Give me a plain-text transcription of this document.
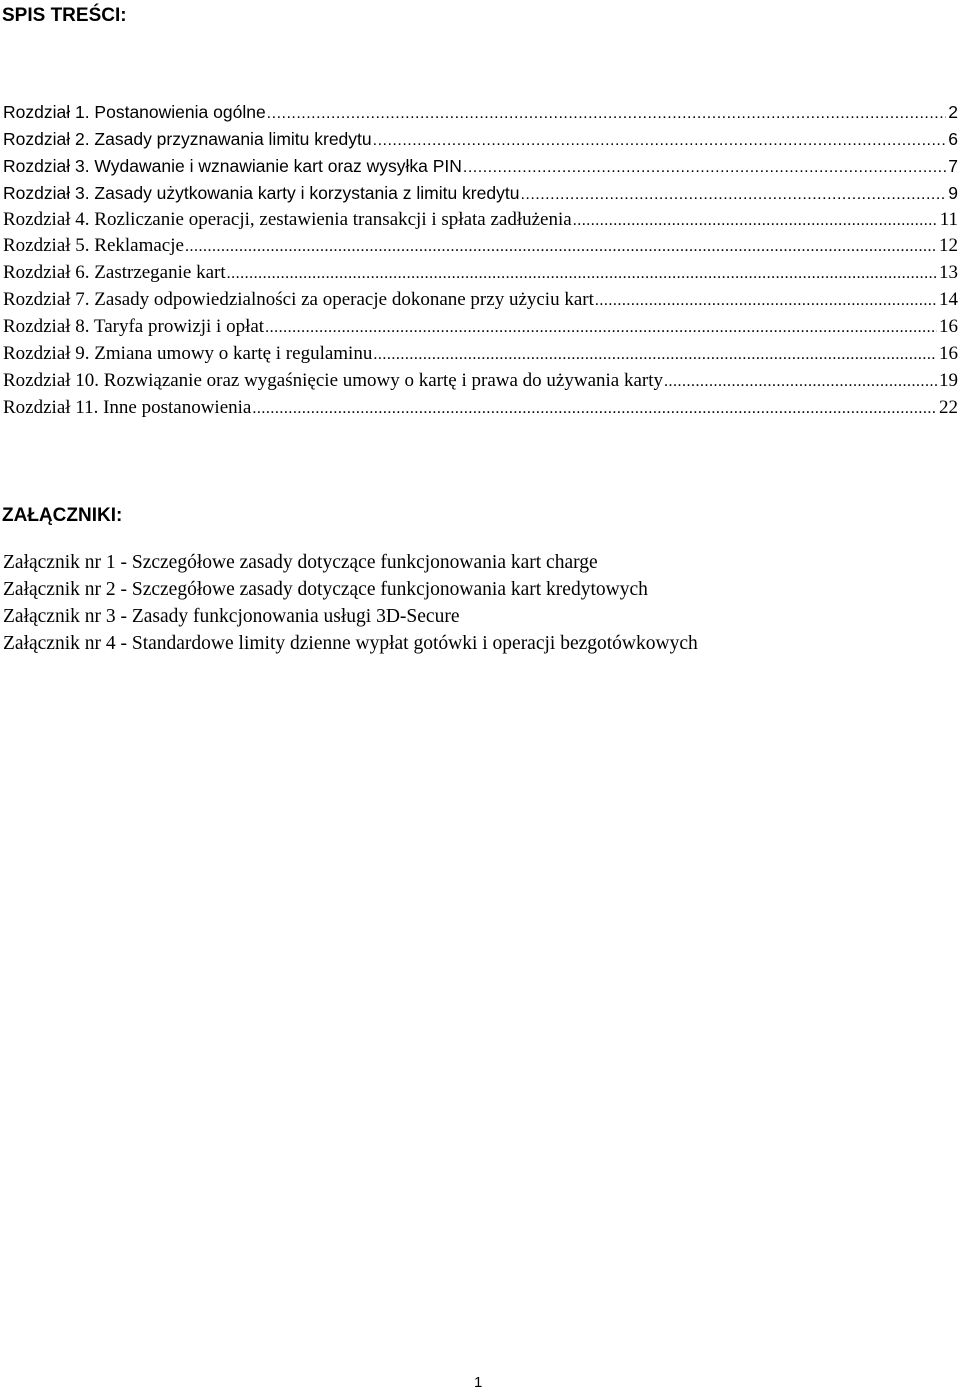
SPIS TREŚCI:
Rozdział 1. Postanowienia ogólne .....	2
Rozdział 2. Zasady przyznawania limitu kredytu .....	6
Rozdział 3. Wydawanie i wznawianie kart oraz wysyłka PIN .....	7
Rozdział 3. Zasady użytkowania karty i korzystania z limitu kredytu .....	9
Rozdział 4. Rozliczanie operacji, zestawienia transakcji i spłata zadłużenia .....	11
Rozdział 5. Reklamacje .....	12
Rozdział 6. Zastrzeganie kart .....	13
Rozdział 7. Zasady odpowiedzialności za operacje dokonane przy użyciu kart .....	14
Rozdział 8. Taryfa prowizji i opłat .....	16
Rozdział 9. Zmiana umowy o kartę i regulaminu .....	16
Rozdział 10. Rozwiązanie oraz wygaśnięcie umowy o kartę i prawa do używania karty .....	19
Rozdział 11. Inne postanowienia .....	22
ZAŁĄCZNIKI:
Załącznik nr 1 - Szczegółowe zasady dotyczące funkcjonowania kart charge
Załącznik nr 2 - Szczegółowe zasady dotyczące funkcjonowania kart kredytowych
Załącznik nr 3 - Zasady funkcjonowania usługi 3D-Secure
Załącznik nr 4 - Standardowe limity dzienne wypłat gotówki i operacji bezgotówkowych
1
